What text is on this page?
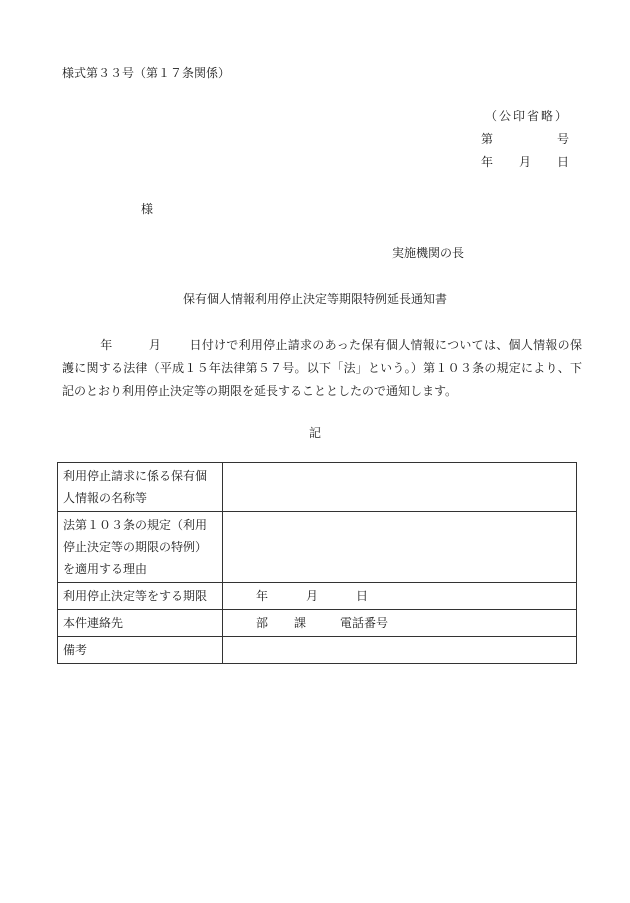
様式第３３号（第１７条関係）
（公印省略）
第	号
年 月 日
様
実施機関の長
保有個人情報利用停止決定等期限特例延長通知書

年	月 日付けで利用停止請求のあった保有個人情報については、個人情報の保護に関する法律（平成１５年法律第５７号。以下「法」という。）第１０３条の規定により、下記のとおり利用停止決定等の期限を延長することとしたので通知します。

記
利用停止請求に係る保有個人情報の名称等	
法第１０３条の規定（利用停止決定等の期限の特例）を適用する理由	
利用停止決定等をする期限	年 月 日

本件連絡先	部 課 電話番号

備考	
